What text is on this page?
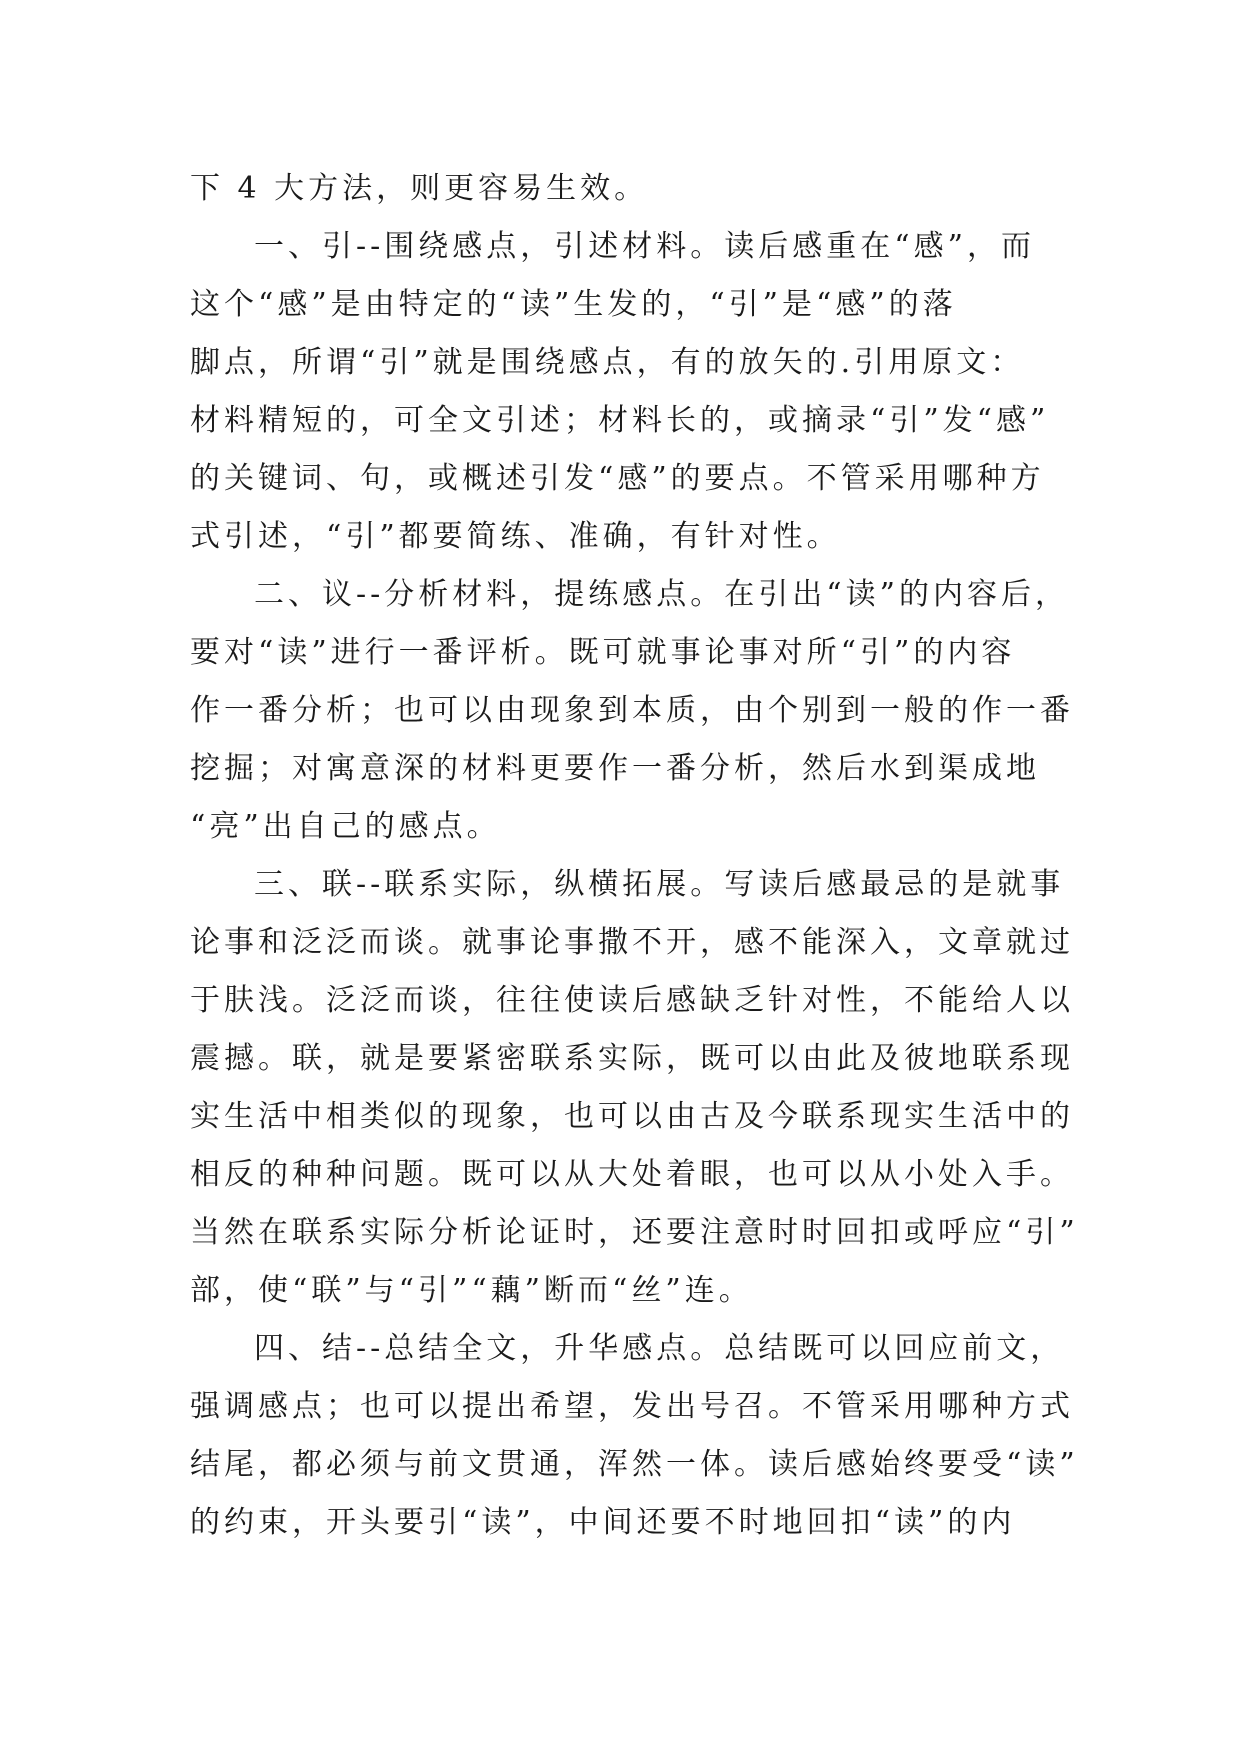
下 4 大方法，则更容易生效。
一、引--围绕感点，引述材料。读后感重在“感”，而
这个“感”是由特定的“读”生发的，“引”是“感”的落
脚点，所谓“引”就是围绕感点，有的放矢的.引用原文：
材料精短的，可全文引述；材料长的，或摘录“引”发“感”
的关键词、句，或概述引发“感”的要点。不管采用哪种方
式引述，“引”都要简练、准确，有针对性。
二、议--分析材料，提练感点。在引出“读”的内容后，
要对“读”进行一番评析。既可就事论事对所“引”的内容
作一番分析；也可以由现象到本质，由个别到一般的作一番
挖掘；对寓意深的材料更要作一番分析，然后水到渠成地
“亮”出自己的感点。
三、联--联系实际，纵横拓展。写读后感最忌的是就事
论事和泛泛而谈。就事论事撒不开，感不能深入，文章就过
于肤浅。泛泛而谈，往往使读后感缺乏针对性，不能给人以
震撼。联，就是要紧密联系实际，既可以由此及彼地联系现
实生活中相类似的现象，也可以由古及今联系现实生活中的
相反的种种问题。既可以从大处着眼，也可以从小处入手。
当然在联系实际分析论证时，还要注意时时回扣或呼应“引”
部，使“联”与“引”“藕”断而“丝”连。
四、结--总结全文，升华感点。总结既可以回应前文，
强调感点；也可以提出希望，发出号召。不管采用哪种方式
结尾，都必须与前文贯通，浑然一体。读后感始终要受“读”
的约束，开头要引“读”，中间还要不时地回扣“读”的内
